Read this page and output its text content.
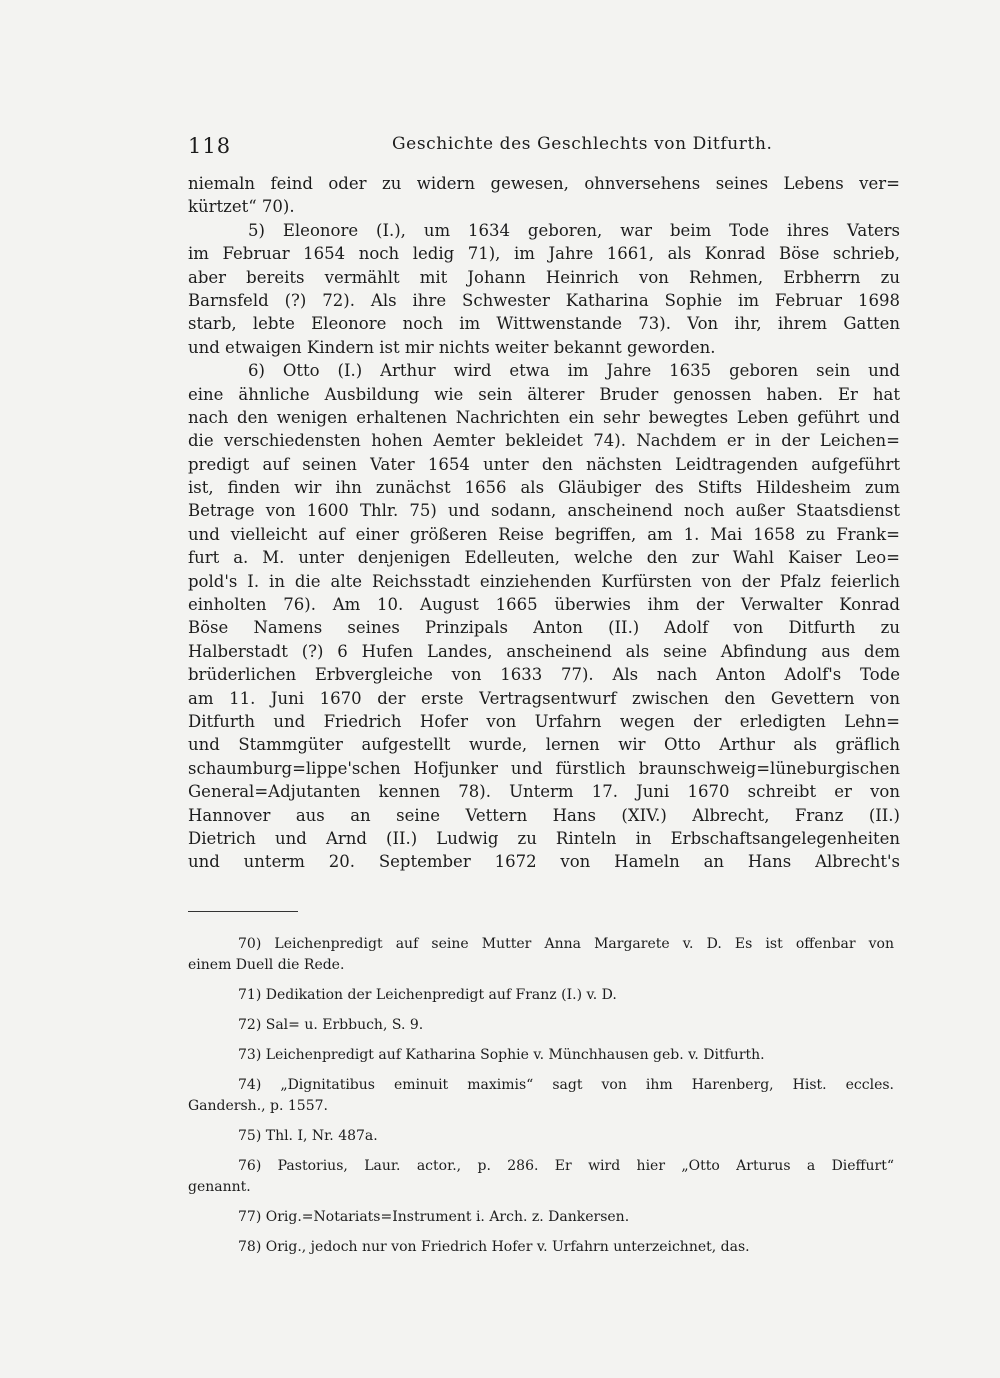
118	Geschichte des Geschlechts von Ditfurth.
niemaln feind oder zu widern gewesen, ohnversehens seines Lebens ver=
kürtzet“ 70).
5) Eleonore (I.), um 1634 geboren, war beim Tode ihres Vaters
im Februar 1654 noch ledig 71), im Jahre 1661, als Konrad Böse schrieb,
aber bereits vermählt mit Johann Heinrich von Rehmen, Erbherrn zu
Barnsfeld (?) 72). Als ihre Schwester Katharina Sophie im Februar 1698
starb, lebte Eleonore noch im Wittwenstande 73). Von ihr, ihrem Gatten
und etwaigen Kindern ist mir nichts weiter bekannt geworden.
6) Otto (I.) Arthur wird etwa im Jahre 1635 geboren sein und
eine ähnliche Ausbildung wie sein älterer Bruder genossen haben. Er hat
nach den wenigen erhaltenen Nachrichten ein sehr bewegtes Leben geführt und
die verschiedensten hohen Aemter bekleidet 74). Nachdem er in der Leichen=
predigt auf seinen Vater 1654 unter den nächsten Leidtragenden aufgeführt
ist, finden wir ihn zunächst 1656 als Gläubiger des Stifts Hildesheim zum
Betrage von 1600 Thlr. 75) und sodann, anscheinend noch außer Staatsdienst
und vielleicht auf einer größeren Reise begriffen, am 1. Mai 1658 zu Frank=
furt a. M. unter denjenigen Edelleuten, welche den zur Wahl Kaiser Leo=
pold's I. in die alte Reichsstadt einziehenden Kurfürsten von der Pfalz feierlich
einholten 76). Am 10. August 1665 überwies ihm der Verwalter Konrad
Böse Namens seines Prinzipals Anton (II.) Adolf von Ditfurth zu
Halberstadt (?) 6 Hufen Landes, anscheinend als seine Abfindung aus dem
brüderlichen Erbvergleiche von 1633 77). Als nach Anton Adolf's Tode
am 11. Juni 1670 der erste Vertragsentwurf zwischen den Gevettern von
Ditfurth und Friedrich Hofer von Urfahrn wegen der erledigten Lehn=
und Stammgüter aufgestellt wurde, lernen wir Otto Arthur als gräflich
schaumburg=lippe'schen Hofjunker und fürstlich braunschweig=lüneburgischen
General=Adjutanten kennen 78). Unterm 17. Juni 1670 schreibt er von
Hannover aus an seine Vettern Hans (XIV.) Albrecht, Franz (II.)
Dietrich und Arnd (II.) Ludwig zu Rinteln in Erbschaftsangelegenheiten
und unterm 20. September 1672 von Hameln an Hans Albrecht's
70) Leichenpredigt auf seine Mutter Anna Margarete v. D. Es ist offenbar von
einem Duell die Rede.
71) Dedikation der Leichenpredigt auf Franz (I.) v. D.
72) Sal= u. Erbbuch, S. 9.
73) Leichenpredigt auf Katharina Sophie v. Münchhausen geb. v. Ditfurth.
74) „Dignitatibus eminuit maximis“ sagt von ihm Harenberg, Hist. eccles.
Gandersh., p. 1557.
75) Thl. I, Nr. 487a.
76) Pastorius, Laur. actor., p. 286. Er wird hier „Otto Arturus a Dieffurt“
genannt.
77) Orig.=Notariats=Instrument i. Arch. z. Dankersen.
78) Orig., jedoch nur von Friedrich Hofer v. Urfahrn unterzeichnet, das.
